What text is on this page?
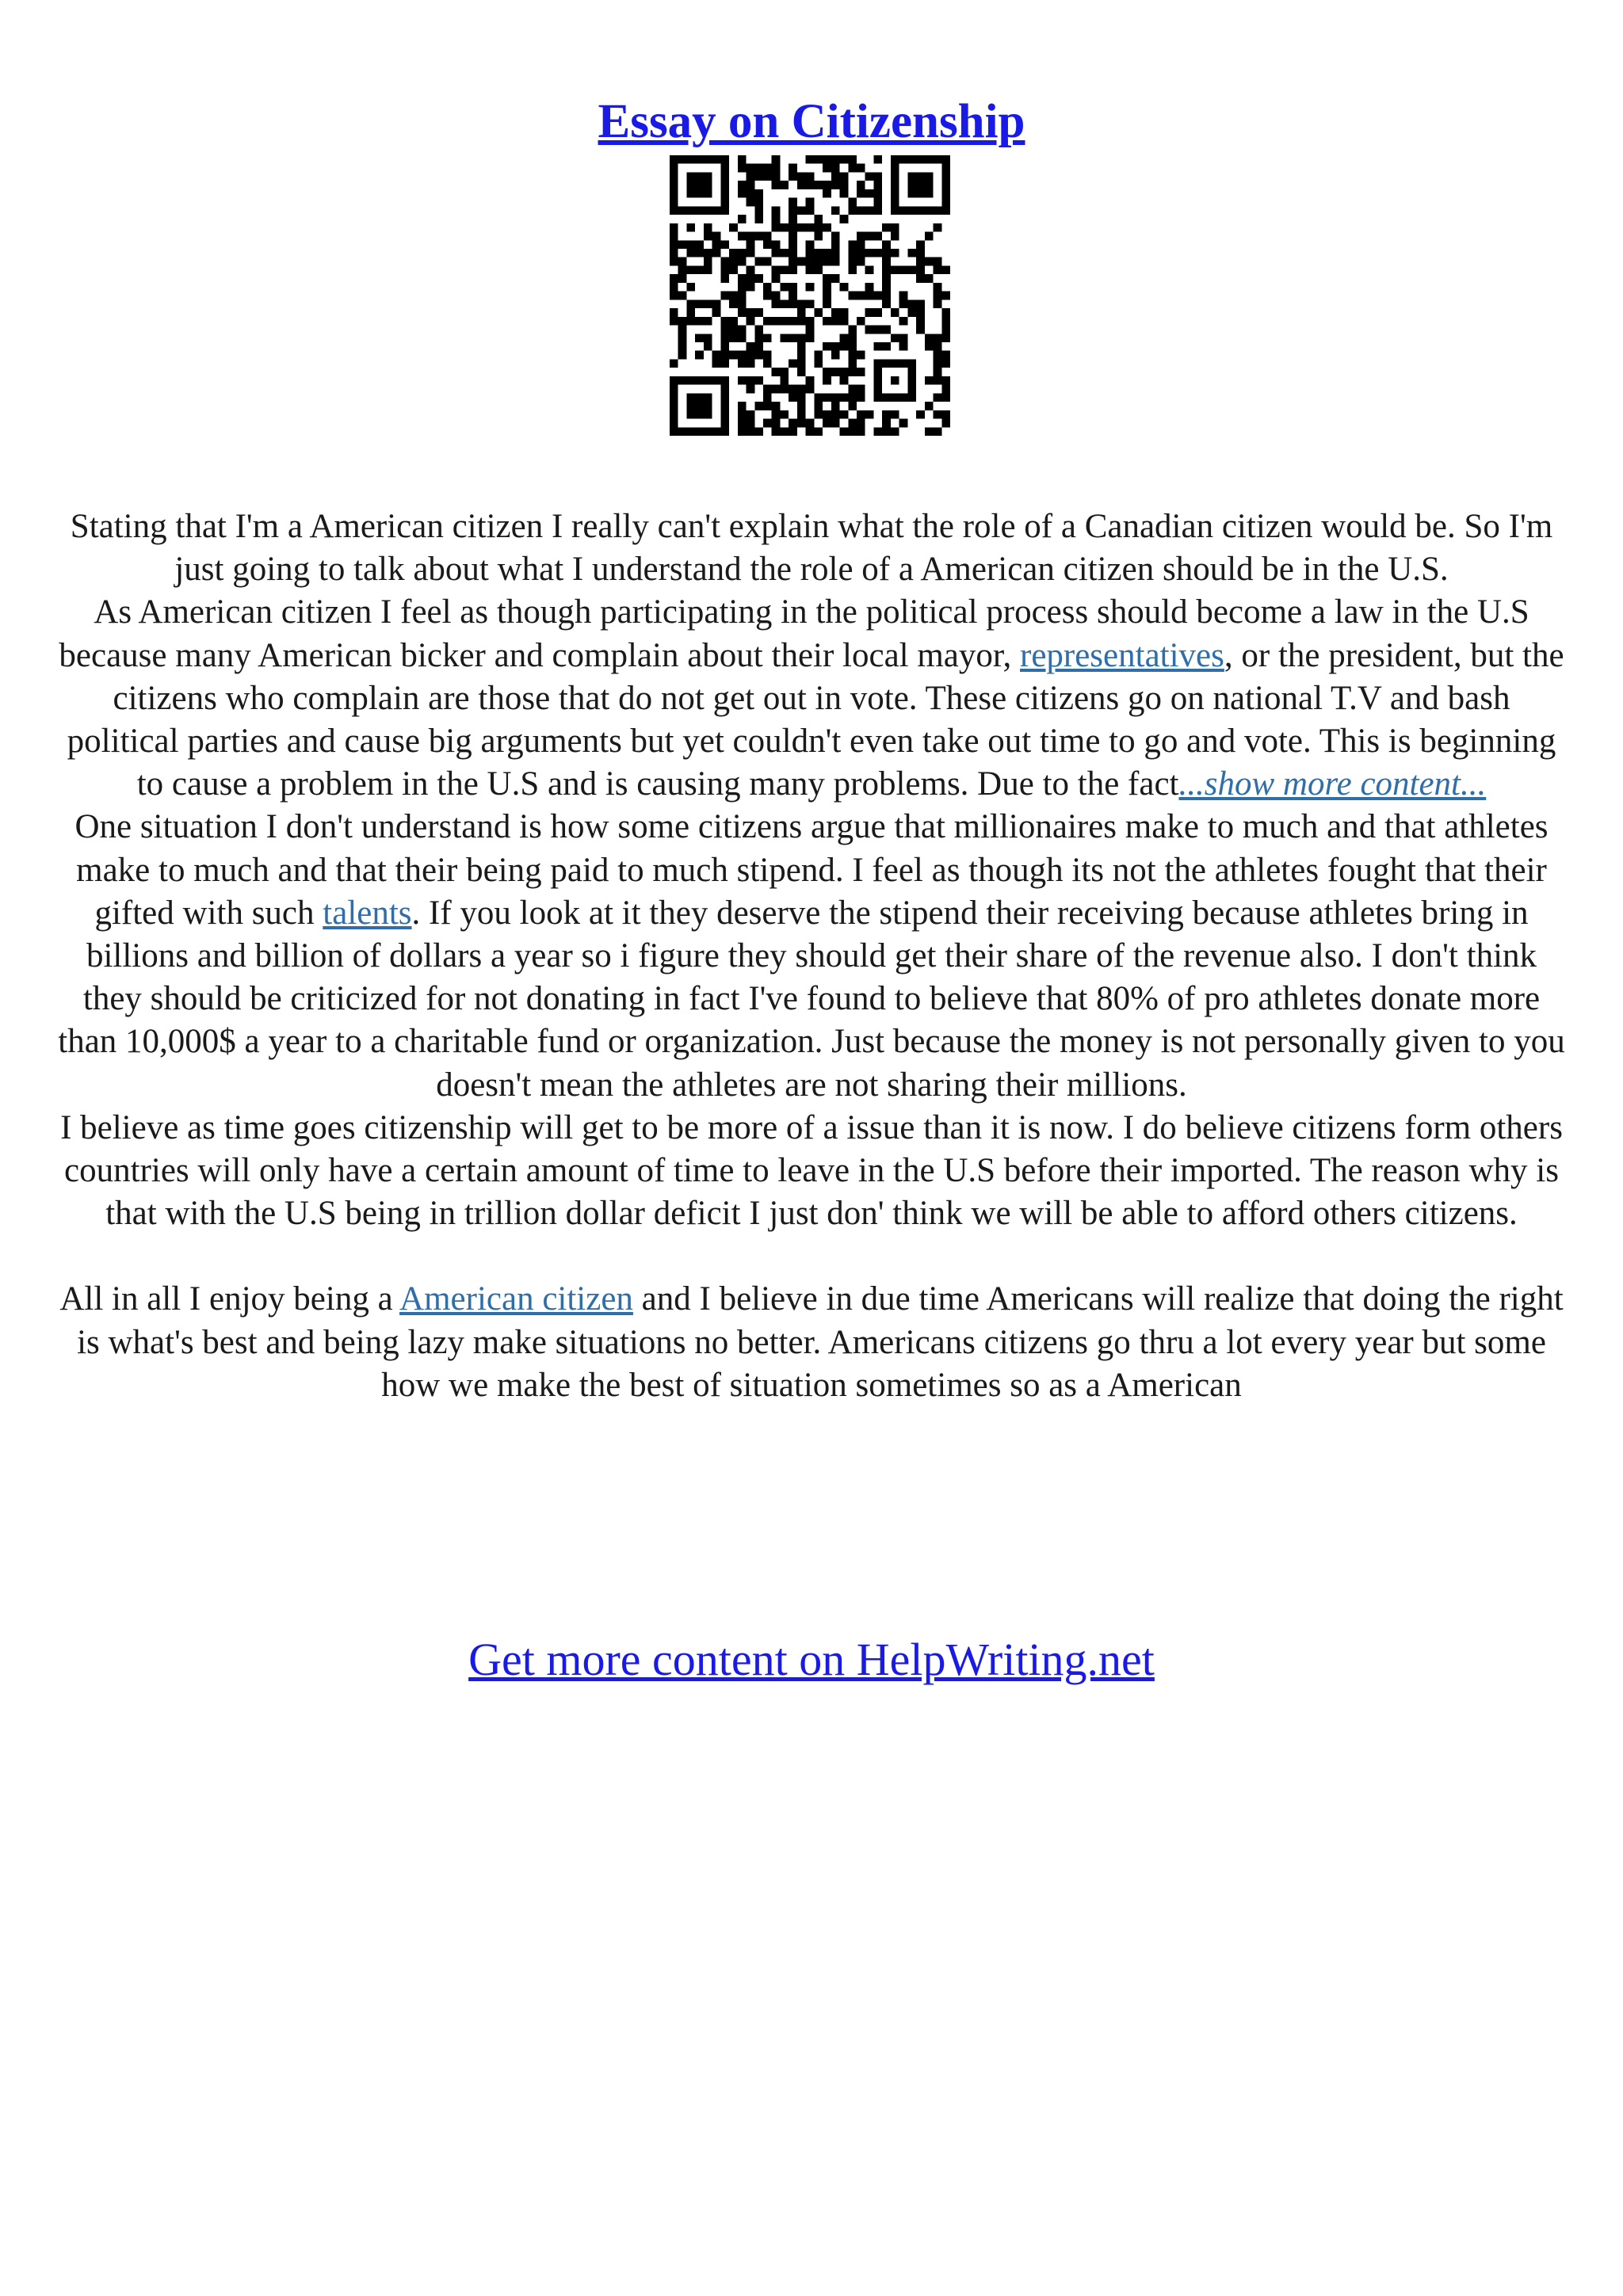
Essay on Citizenship

Stating that I'm a American citizen I really can't explain what the role of a Canadian citizen would be. So I'm just going to talk about what I understand the role of a American citizen should be in the U.S.

As American citizen I feel as though participating in the political process should become a law in the U.S because many American bicker and complain about their local mayor, representatives, or the president, but the citizens who complain are those that do not get out in vote. These citizens go on national T.V and bash political parties and cause big arguments but yet couldn't even take out time to go and vote. This is beginning to cause a problem in the U.S and is causing many problems. Due to the fact...show more content...

One situation I don't understand is how some citizens argue that millionaires make to much and that athletes make to much and that their being paid to much stipend. I feel as though its not the athletes fought that their gifted with such talents. If you look at it they deserve the stipend their receiving because athletes bring in billions and billion of dollars a year so i figure they should get their share of the revenue also. I don't think they should be criticized for not donating in fact I've found to believe that 80% of pro athletes donate more than 10,000$ a year to a charitable fund or organization. Just because the money is not personally given to you doesn't mean the athletes are not sharing their millions.

I believe as time goes citizenship will get to be more of a issue than it is now. I do believe citizens form others countries will only have a certain amount of time to leave in the U.S before their imported. The reason why is that with the U.S being in trillion dollar deficit I just don' think we will be able to afford others citizens.

All in all I enjoy being a American citizen and I believe in due time Americans will realize that doing the right is what's best and being lazy make situations no better. Americans citizens go thru a lot every year but some how we make the best of situation sometimes so as a American

Get more content on HelpWriting.net
